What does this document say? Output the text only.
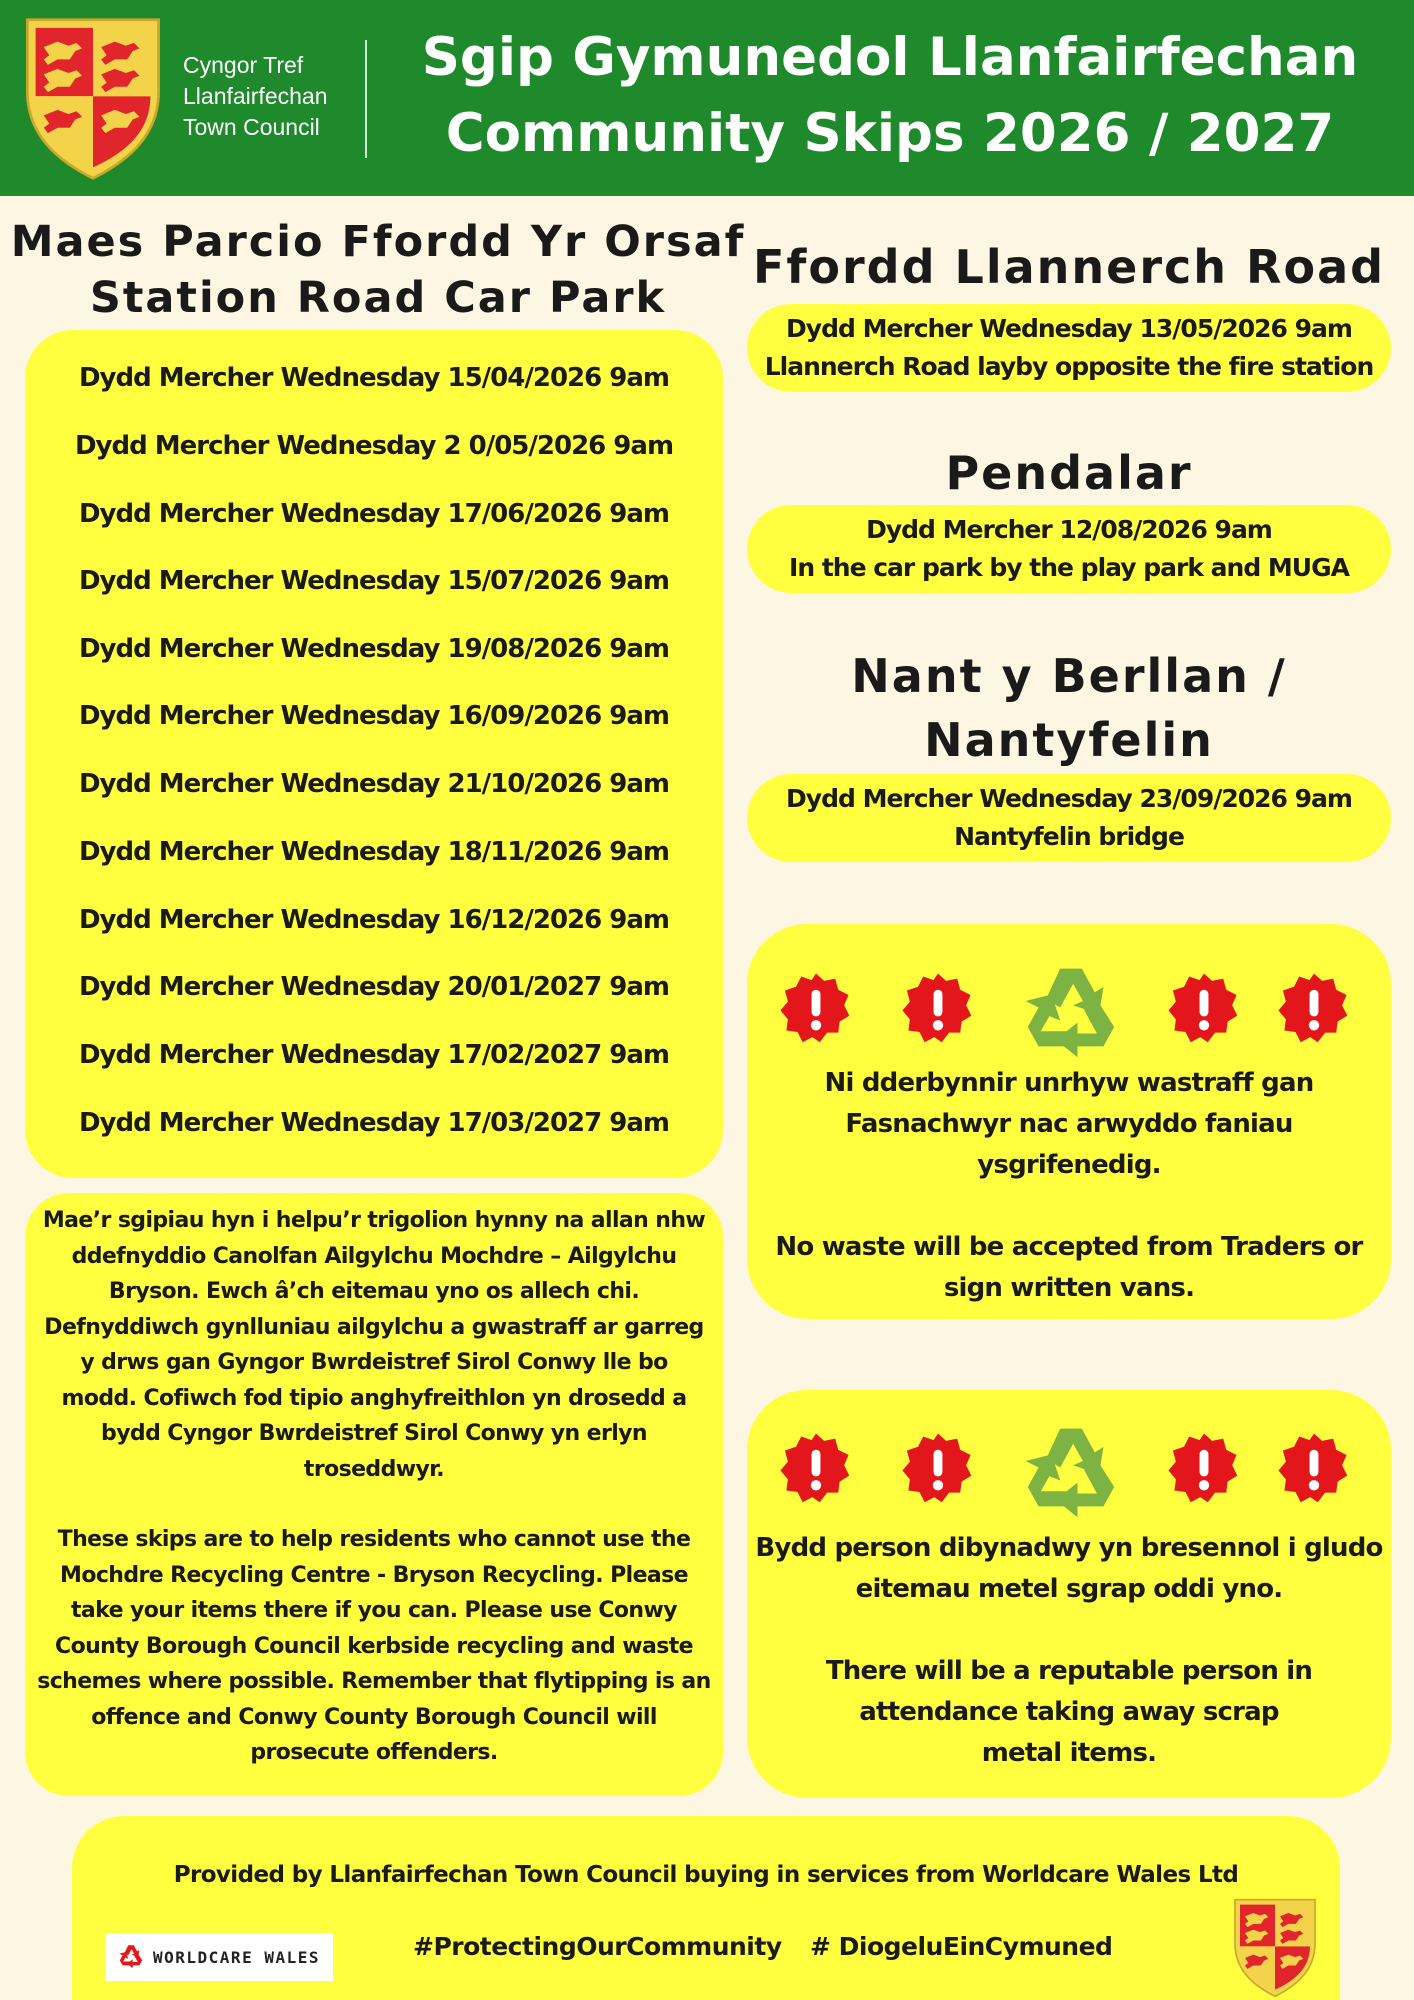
Cyngor Tref
Llanfairfechan
Town Council
Sgip Gymunedol Llanfairfechan
Community Skips 2026 / 2027
Maes Parcio Ffordd Yr Orsaf
Station Road Car Park
Dydd Mercher Wednesday 15/04/2026 9am
Dydd Mercher Wednesday 2 0/05/2026 9am
Dydd Mercher Wednesday 17/06/2026 9am
Dydd Mercher Wednesday 15/07/2026 9am
Dydd Mercher Wednesday 19/08/2026 9am
Dydd Mercher Wednesday 16/09/2026 9am
Dydd Mercher Wednesday 21/10/2026 9am
Dydd Mercher Wednesday 18/11/2026 9am
Dydd Mercher Wednesday 16/12/2026 9am
Dydd Mercher Wednesday 20/01/2027 9am
Dydd Mercher Wednesday 17/02/2027 9am
Dydd Mercher Wednesday 17/03/2027 9am
Mae’r sgipiau hyn i helpu’r trigolion hynny na allan nhw
ddefnyddio Canolfan Ailgylchu Mochdre – Ailgylchu
Bryson. Ewch â’ch eitemau yno os allech chi.
Defnyddiwch gynlluniau ailgylchu a gwastraff ar garreg
y drws gan Gyngor Bwrdeistref Sirol Conwy lle bo
modd. Cofiwch fod tipio anghyfreithlon yn drosedd a
bydd Cyngor Bwrdeistref Sirol Conwy yn erlyn
troseddwyr.
These skips are to help residents who cannot use the
Mochdre Recycling Centre - Bryson Recycling. Please
take your items there if you can. Please use Conwy
County Borough Council kerbside recycling and waste
schemes where possible. Remember that flytipping is an
offence and Conwy County Borough Council will
prosecute offenders.
Ffordd Llannerch Road
Dydd Mercher Wednesday 13/05/2026 9am
Llannerch Road layby opposite the fire station
Pendalar
Dydd Mercher 12/08/2026 9am
In the car park by the play park and MUGA
Nant y Berllan /
Nantyfelin
Dydd Mercher Wednesday 23/09/2026 9am
Nantyfelin bridge
Ni dderbynnir unrhyw wastraff gan
Fasnachwyr nac arwyddo faniau
ysgrifenedig.
No waste will be accepted from Traders or
sign written vans.
Bydd person dibynadwy yn bresennol i gludo
eitemau metel sgrap oddi yno.
There will be a reputable person in
attendance taking away scrap
metal items.
Provided by Llanfairfechan Town Council buying in services from Worldcare Wales Ltd
WORLDCARE WALES	#ProtectingOurCommunity # DiogeluEinCymuned
